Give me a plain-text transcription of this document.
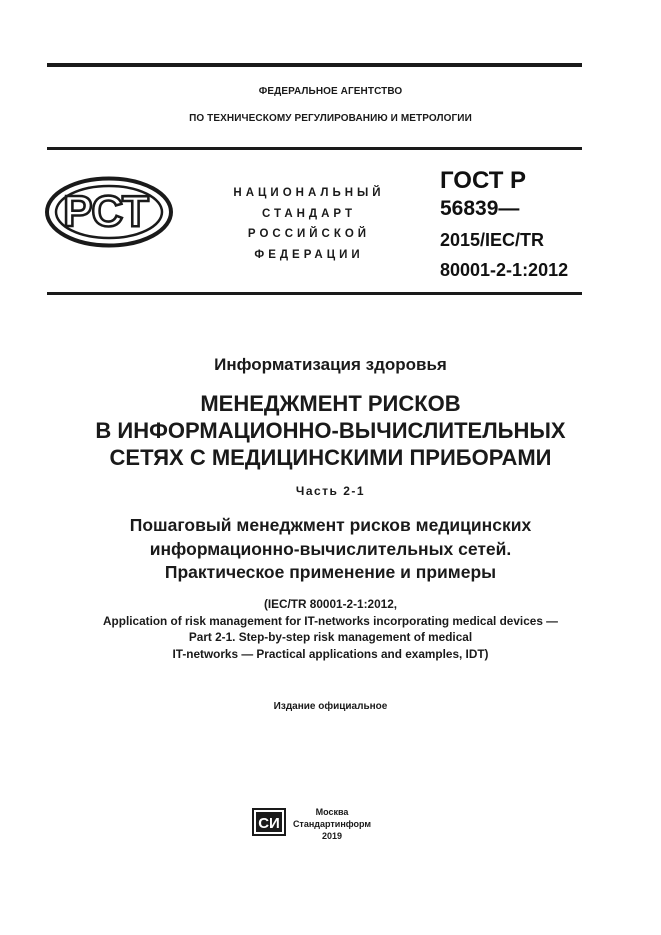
ФЕДЕРАЛЬНОЕ АГЕНТСТВО
ПО ТЕХНИЧЕСКОМУ РЕГУЛИРОВАНИЮ И МЕТРОЛОГИИ
РСТ	НАЦИОНАЛЬНЫЙ
СТАНДАРТ
РОССИЙСКОЙ
ФЕДЕРАЦИИ
ГОСТ Р
56839—
2015/IEC/TR
80001-2-1:2012
Информатизация здоровья
МЕНЕДЖМЕНТ РИСКОВ
В ИНФОРМАЦИОННО-ВЫЧИСЛИТЕЛЬНЫХ
СЕТЯХ С МЕДИЦИНСКИМИ ПРИБОРАМИ
Часть 2-1
Пошаговый менеджмент рисков медицинских
информационно-вычислительных сетей.
Практическое применение и примеры
(IEC/TR 80001-2-1:2012,
Application of risk management for IT-networks incorporating medical devices —
Part 2-1. Step-by-step risk management of medical
IT-networks — Practical applications and examples, IDT)
Издание официальное
СИ
Москва
Стандартинформ
2019
